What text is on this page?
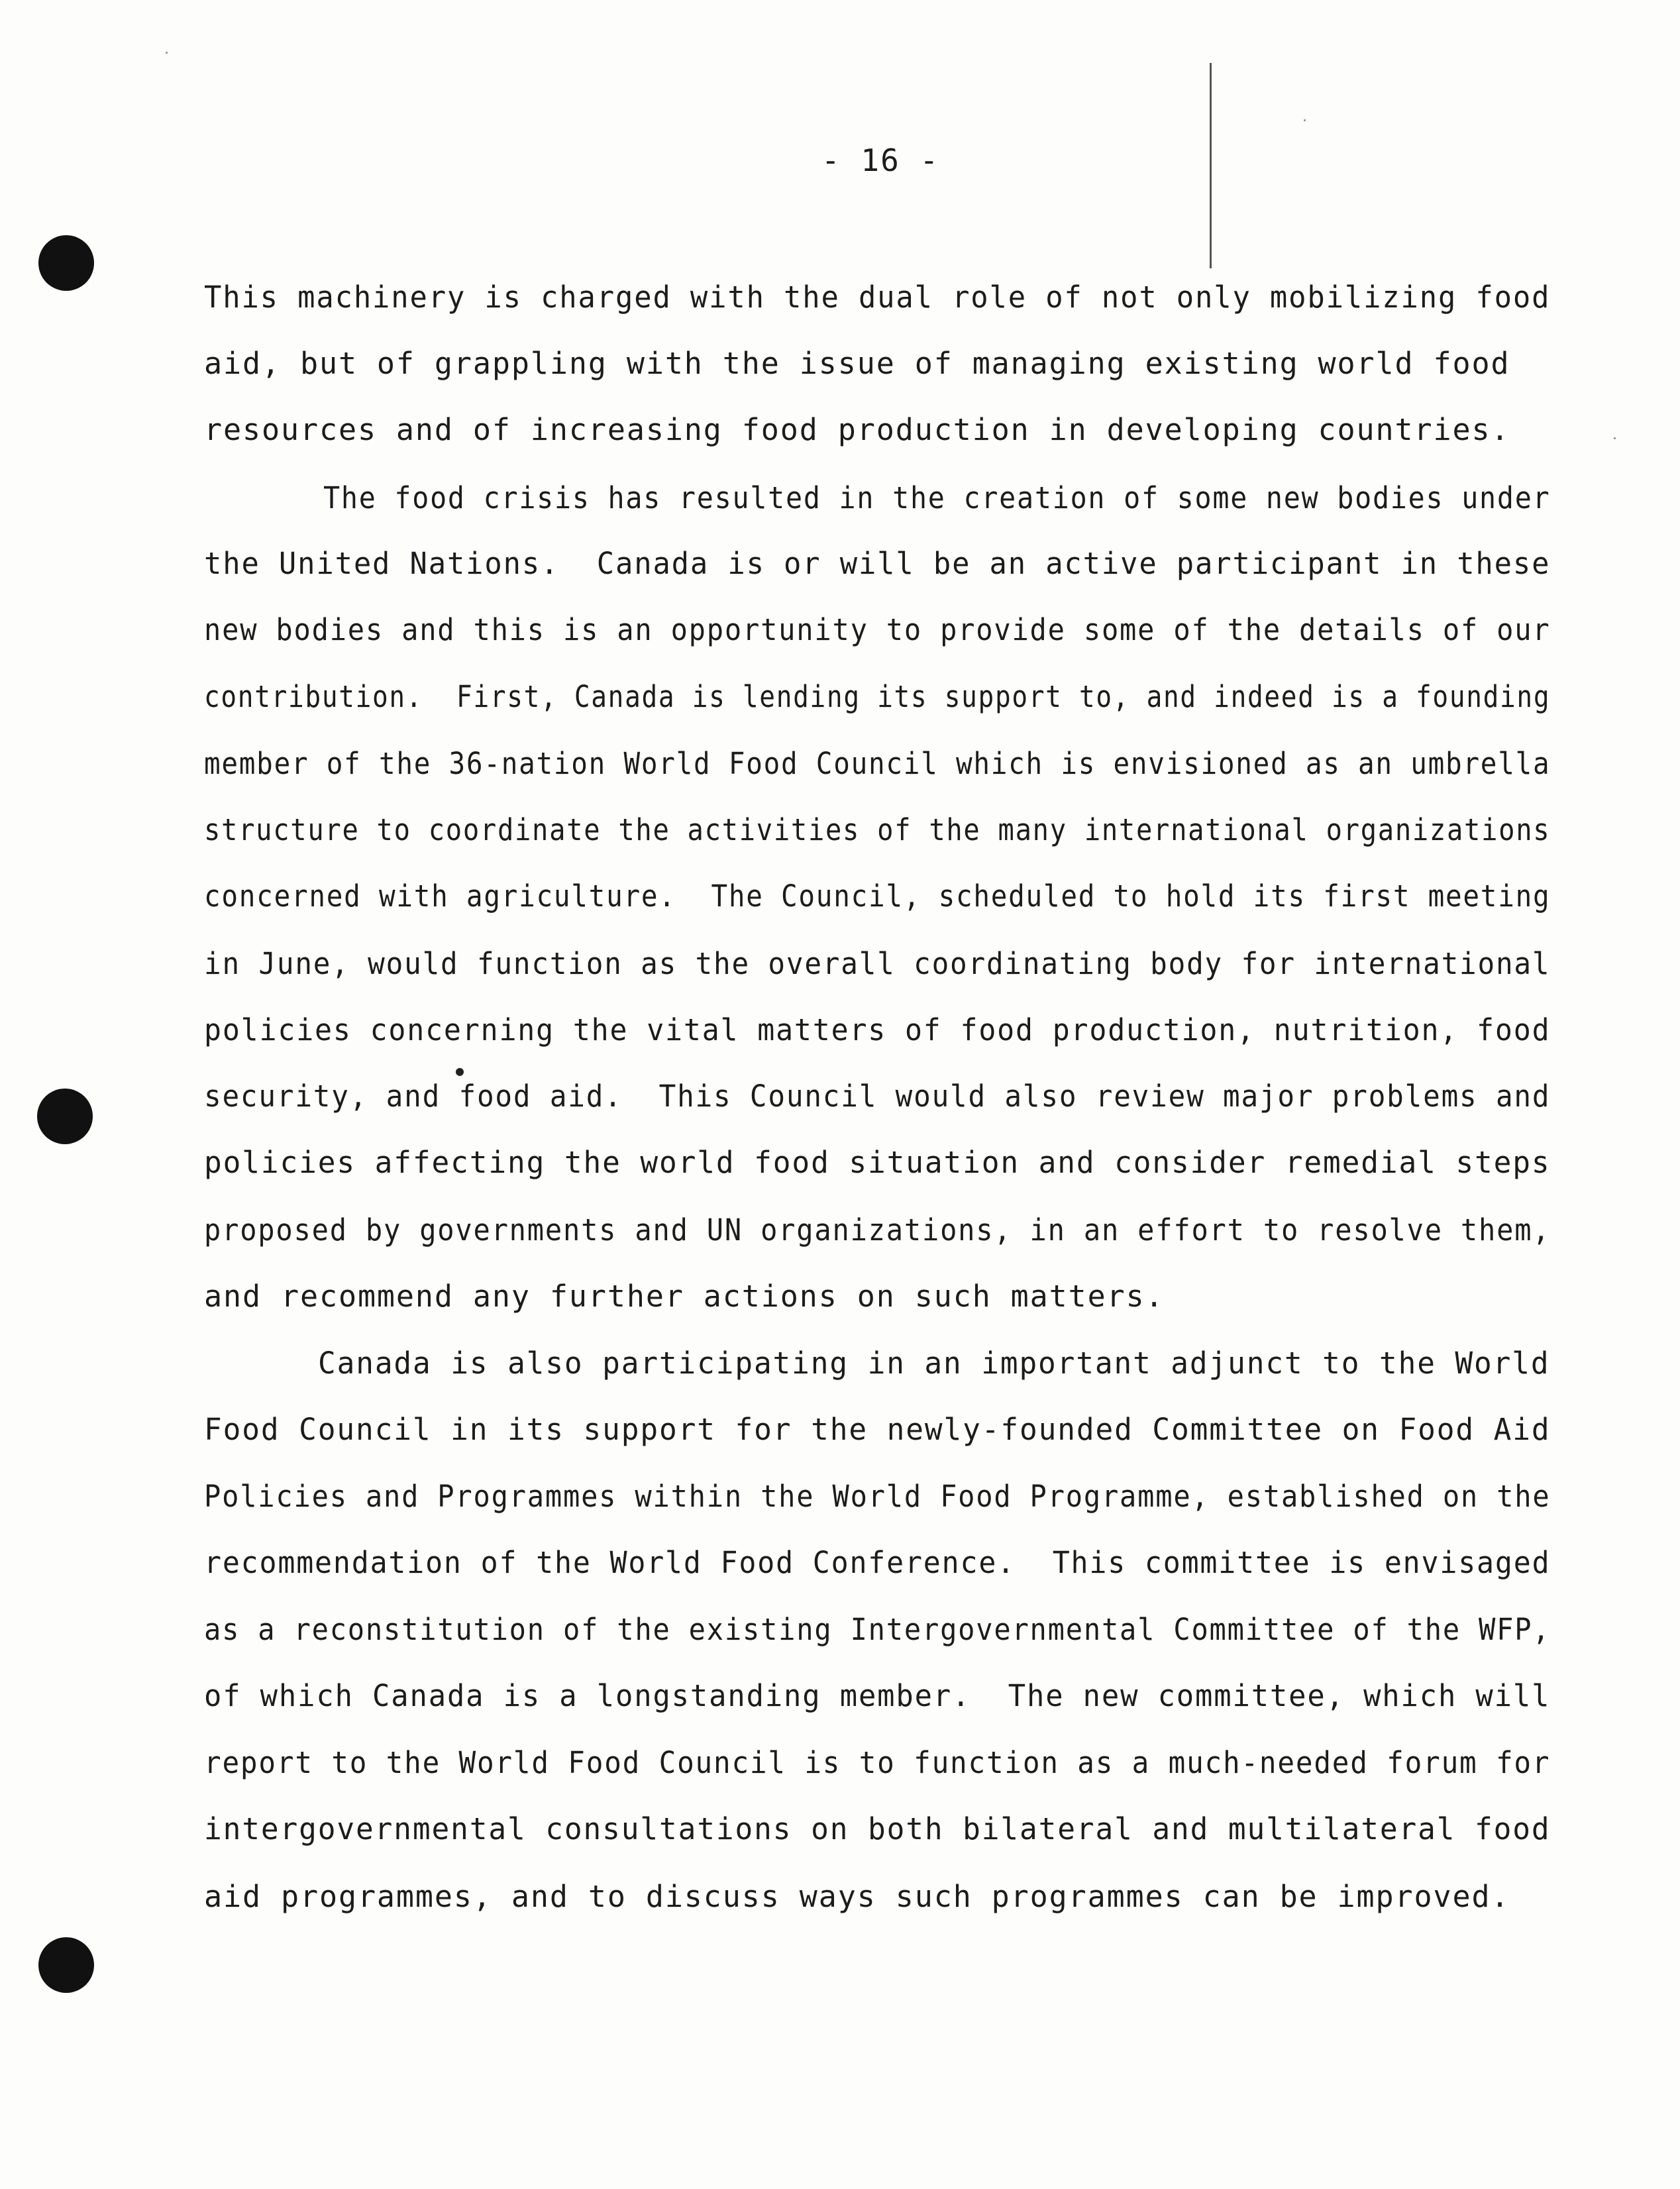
- 16 -
This machinery is charged with the dual role of not only mobilizing food
aid, but of grappling with the issue of managing existing world food
resources and of increasing food production in developing countries.
The food crisis has resulted in the creation of some new bodies under
the United Nations.  Canada is or will be an active participant in these
new bodies and this is an opportunity to provide some of the details of our
contribution.  First, Canada is lending its support to, and indeed is a founding
member of the 36-nation World Food Council which is envisioned as an umbrella
structure to coordinate the activities of the many international organizations
concerned with agriculture.  The Council, scheduled to hold its first meeting
in June, would function as the overall coordinating body for international
policies concerning the vital matters of food production, nutrition, food
security, and food aid.  This Council would also review major problems and
policies affecting the world food situation and consider remedial steps
proposed by governments and UN organizations, in an effort to resolve them,
and recommend any further actions on such matters.
Canada is also participating in an important adjunct to the World
Food Council in its support for the newly-founded Committee on Food Aid
Policies and Programmes within the World Food Programme, established on the
recommendation of the World Food Conference.  This committee is envisaged
as a reconstitution of the existing Intergovernmental Committee of the WFP,
of which Canada is a longstanding member.  The new committee, which will
report to the World Food Council is to function as a much-needed forum for
intergovernmental consultations on both bilateral and multilateral food
aid programmes, and to discuss ways such programmes can be improved.
